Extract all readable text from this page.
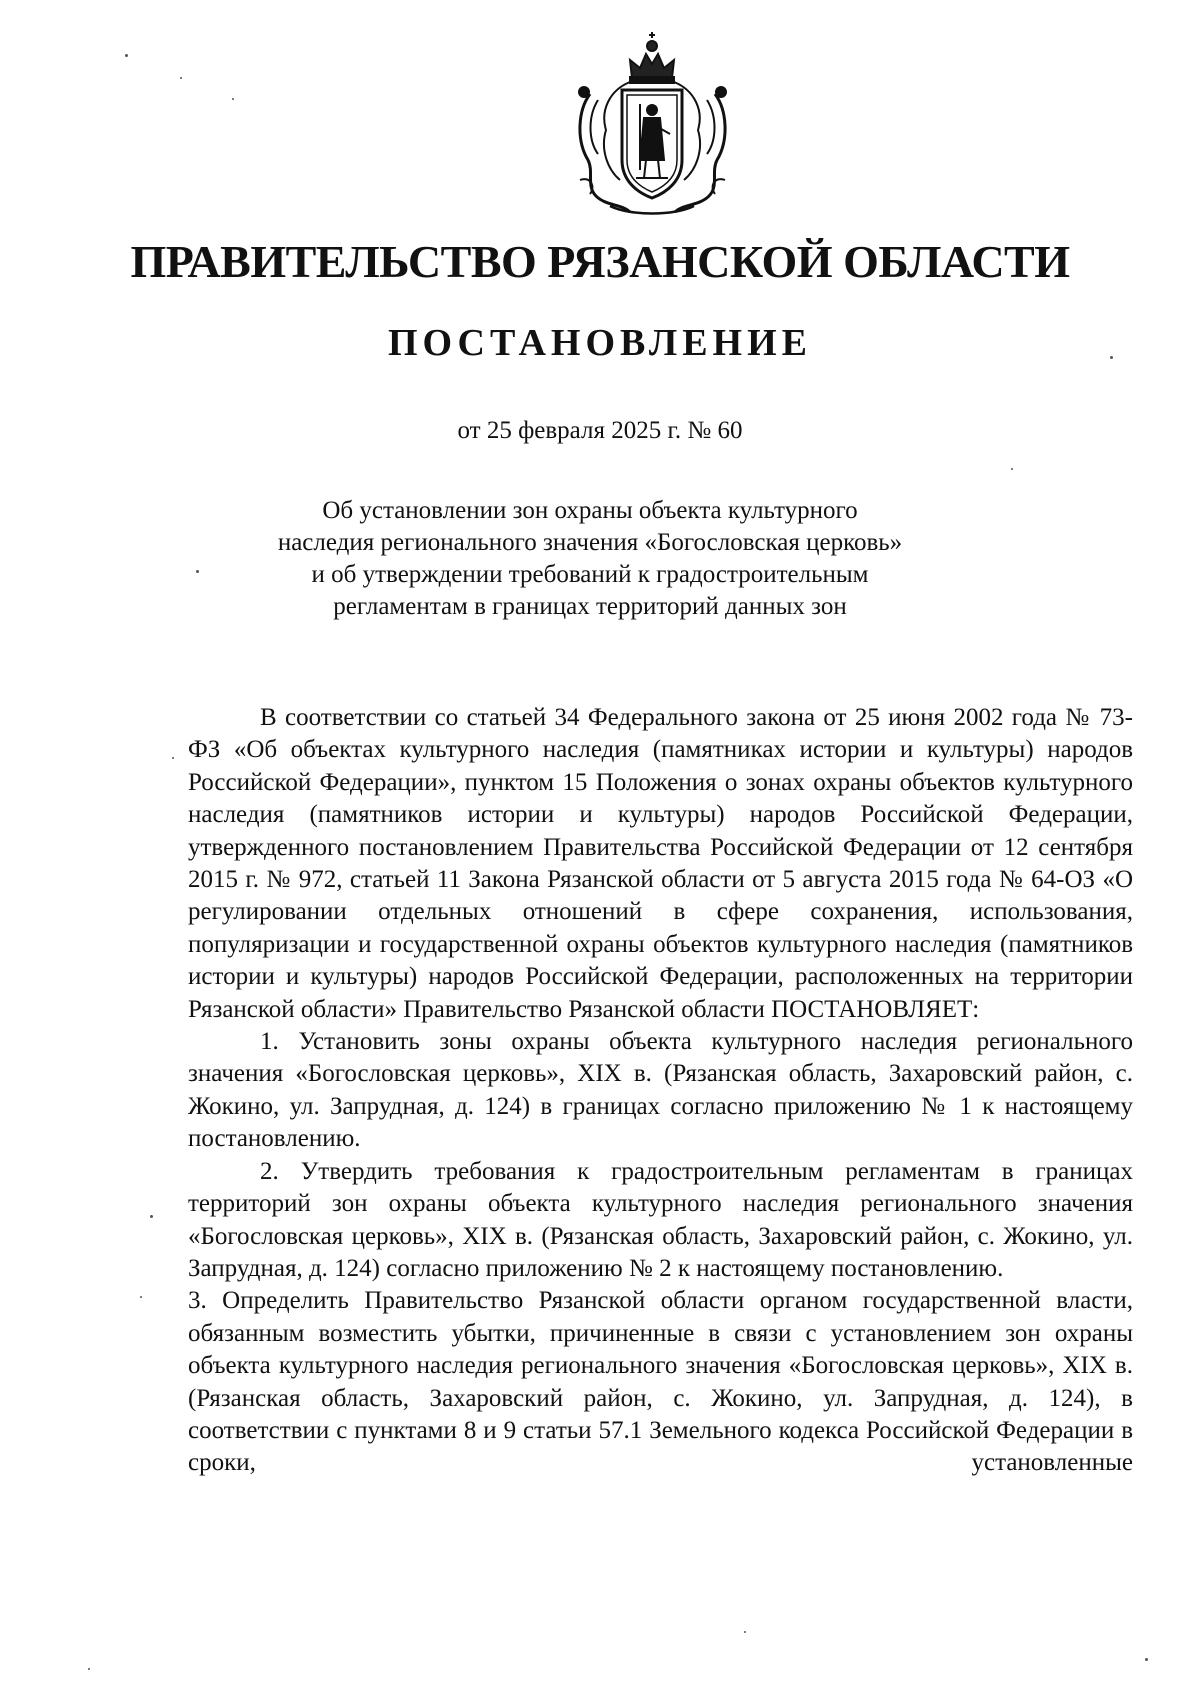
ПРАВИТЕЛЬСТВО РЯЗАНСКОЙ ОБЛАСТИ
ПОСТАНОВЛЕНИЕ
от 25 февраля 2025 г. № 60
Об установлении зон охраны объекта культурного
наследия регионального значения «Богословская церковь»
и об утверждении требований к градостроительным
регламентам в границах территорий данных зон

В соответствии со статьей 34 Федерального закона от 25 июня 2002 года № 73-ФЗ «Об объектах культурного наследия (памятниках истории и культуры) народов Российской Федерации», пунктом 15 Положения о зонах охраны объектов культурного наследия (памятников истории и культуры) народов Российской Федерации, утвержденного постановлением Правительства Российской Федерации от 12 сентября 2015 г. № 972, статьей 11 Закона Рязанской области от 5 августа 2015 года № 64-ОЗ «О регулировании отдельных отношений в сфере сохранения, использования, популяризации и государственной охраны объектов культурного наследия (памятников истории и культуры) народов Российской Федерации, расположенных на территории Рязанской области» Правительство Рязанской области ПОСТАНОВЛЯЕТ:

1. Установить зоны охраны объекта культурного наследия регионального значения «Богословская церковь», XIX в. (Рязанская область, Захаровский район, с. Жокино, ул. Запрудная, д. 124) в границах согласно приложению № 1 к настоящему постановлению.

2. Утвердить требования к градостроительным регламентам в границах территорий зон охраны объекта культурного наследия регионального значения «Богословская церковь», XIX в. (Рязанская область, Захаровский район, с. Жокино, ул. Запрудная, д. 124) согласно приложению № 2 к настоящему постановлению.

3. Определить Правительство Рязанской области органом государственной власти, обязанным возместить убытки, причиненные в связи с установлением зон охраны объекта культурного наследия регионального значения «Богословская церковь», XIX в. (Рязанская область, Захаровский район, с. Жокино, ул. Запрудная, д. 124), в соответствии с пунктами 8 и 9 статьи 57.1 Земельного кодекса Российской Федерации в сроки, установленные
